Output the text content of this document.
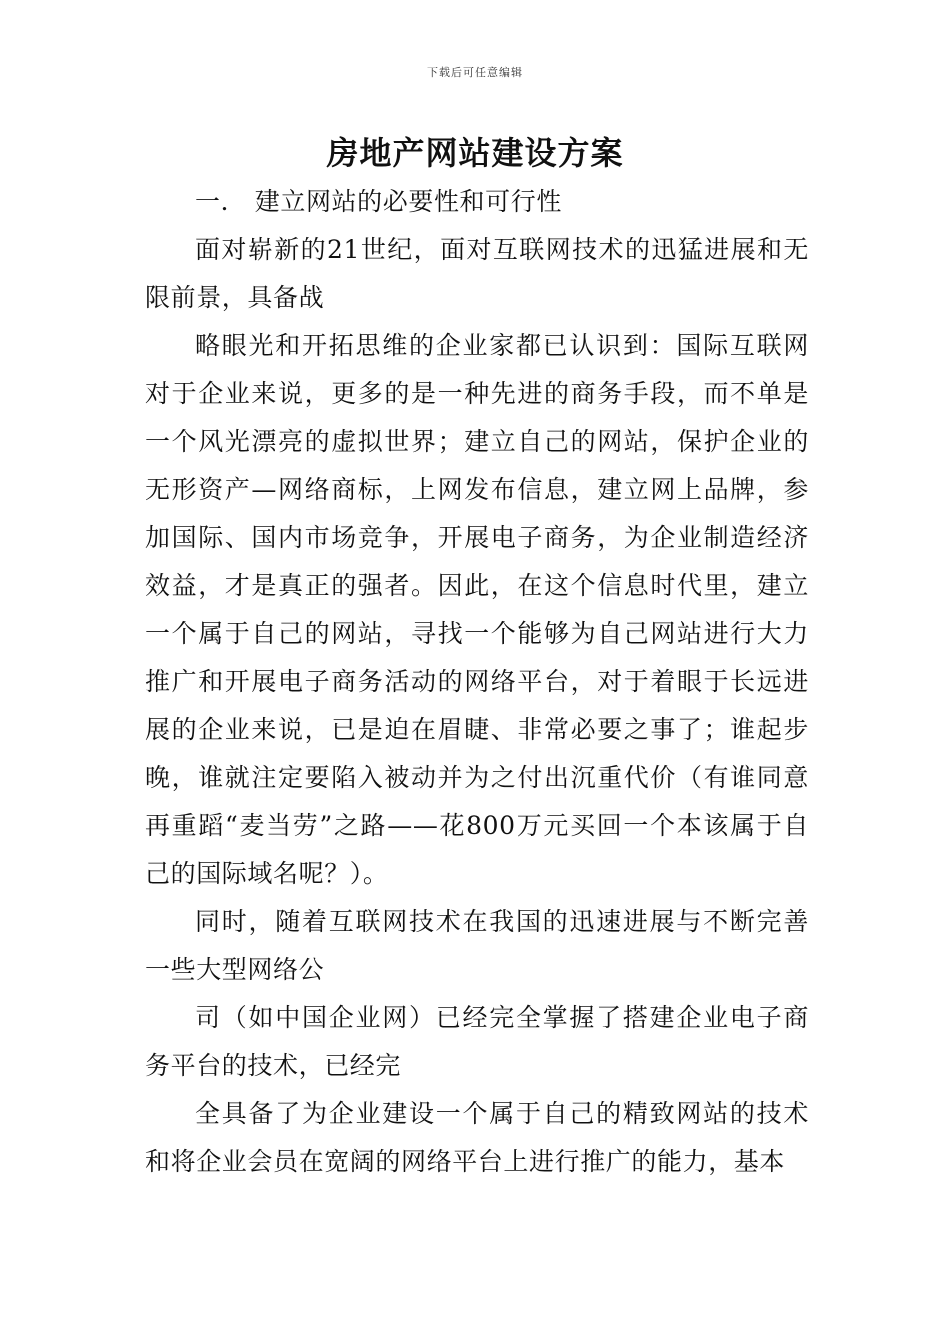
下载后可任意编辑
房地产网站建设方案

一． 建立网站的必要性和可行性

面对崭新的21世纪，面对互联网技术的迅猛进展和无限前景，具备战

略眼光和开拓思维的企业家都已认识到：国际互联网对于企业来说，更多的是一种先进的商务手段，而不单是一个风光漂亮的虚拟世界；建立自己的网站，保护企业的无形资产—网络商标，上网发布信息，建立网上品牌，参加国际、国内市场竞争，开展电子商务，为企业制造经济效益，才是真正的强者。因此，在这个信息时代里，建立一个属于自己的网站，寻找一个能够为自己网站进行大力推广和开展电子商务活动的网络平台，对于着眼于长远进展的企业来说，已是迫在眉睫、非常必要之事了；谁起步晚，谁就注定要陷入被动并为之付出沉重代价（有谁同意再重蹈“麦当劳”之路——花800万元买回一个本该属于自己的国际域名呢？）。

同时，随着互联网技术在我国的迅速进展与不断完善一些大型网络公

司（如中国企业网）已经完全掌握了搭建企业电子商务平台的技术，已经完

全具备了为企业建设一个属于自己的精致网站的技术和将企业会员在宽阔的网络平台上进行推广的能力，基本
